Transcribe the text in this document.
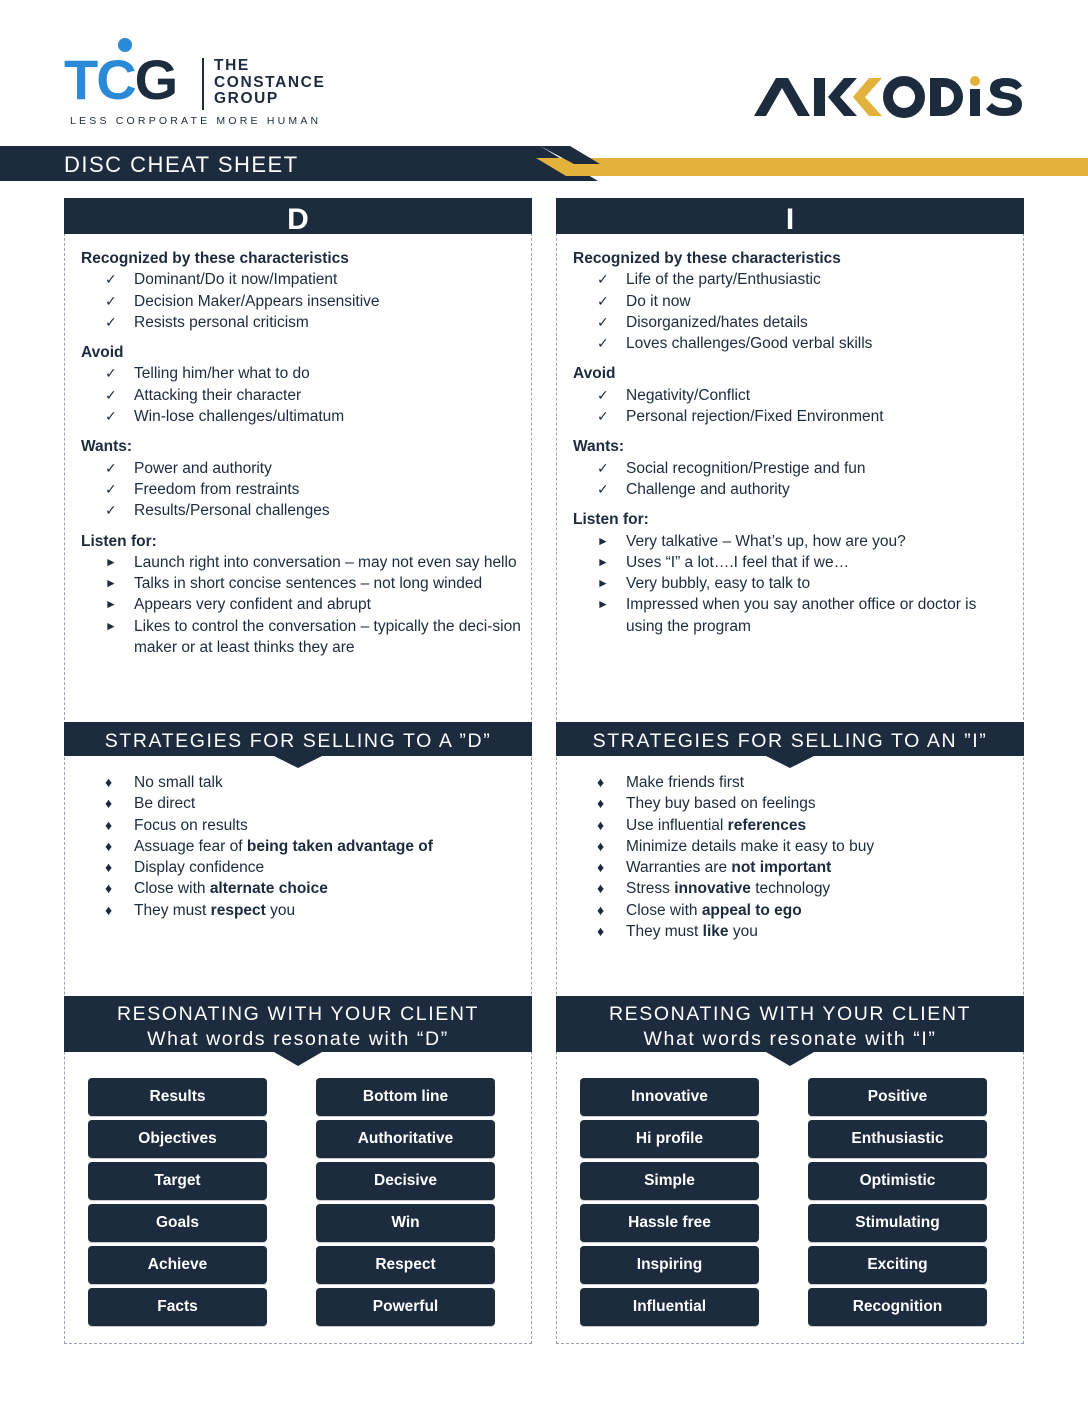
TCG THE
CONSTANCE
GROUP
LESS CORPORATE MORE HUMAN
DISC CHEAT SHEET
D
Recognized by these characteristics
✓	Dominant/Do it now/Impatient
✓	Decision Maker/Appears insensitive
✓	Resists personal criticism
Avoid
✓	Telling him/her what to do
✓	Attacking their character
✓	Win-lose challenges/ultimatum
Wants:
✓	Power and authority
✓	Freedom from restraints
✓	Results/Personal challenges
Listen for:
►	Launch right into conversation – may not even say hello
►	Talks in short concise sentences – not long winded
►	Appears very confident and abrupt
►	Likes to control the conversation – typically the deci-sion maker or at least thinks they are
STRATEGIES FOR SELLING TO A ”D”
♦	No small talk
♦	Be direct
♦	Focus on results
♦	Assuage fear of being taken advantage of
♦	Display confidence
♦	Close with alternate choice
♦	They must respect you
RESONATING WITH YOUR CLIENT
What words resonate with “D”
Results	Bottom line
Objectives	Authoritative
Target	Decisive
Goals	Win
Achieve	Respect
Facts	Powerful
I
Recognized by these characteristics
✓	Life of the party/Enthusiastic
✓	Do it now
✓	Disorganized/hates details
✓	Loves challenges/Good verbal skills
Avoid
✓	Negativity/Conflict
✓	Personal rejection/Fixed Environment
Wants:
✓	Social recognition/Prestige and fun
✓	Challenge and authority
Listen for:
►	Very talkative – What’s up, how are you?
►	Uses “I” a lot….I feel that if we…
►	Very bubbly, easy to talk to
►	Impressed when you say another office or doctor is using the program
STRATEGIES FOR SELLING TO AN ”I”
♦	Make friends first
♦	They buy based on feelings
♦	Use influential references
♦	Minimize details make it easy to buy
♦	Warranties are not important
♦	Stress innovative technology
♦	Close with appeal to ego
♦	They must like you
RESONATING WITH YOUR CLIENT
What words resonate with “I”
Innovative	Positive
Hi profile	Enthusiastic
Simple	Optimistic
Hassle free	Stimulating
Inspiring	Exciting
Influential	Recognition
